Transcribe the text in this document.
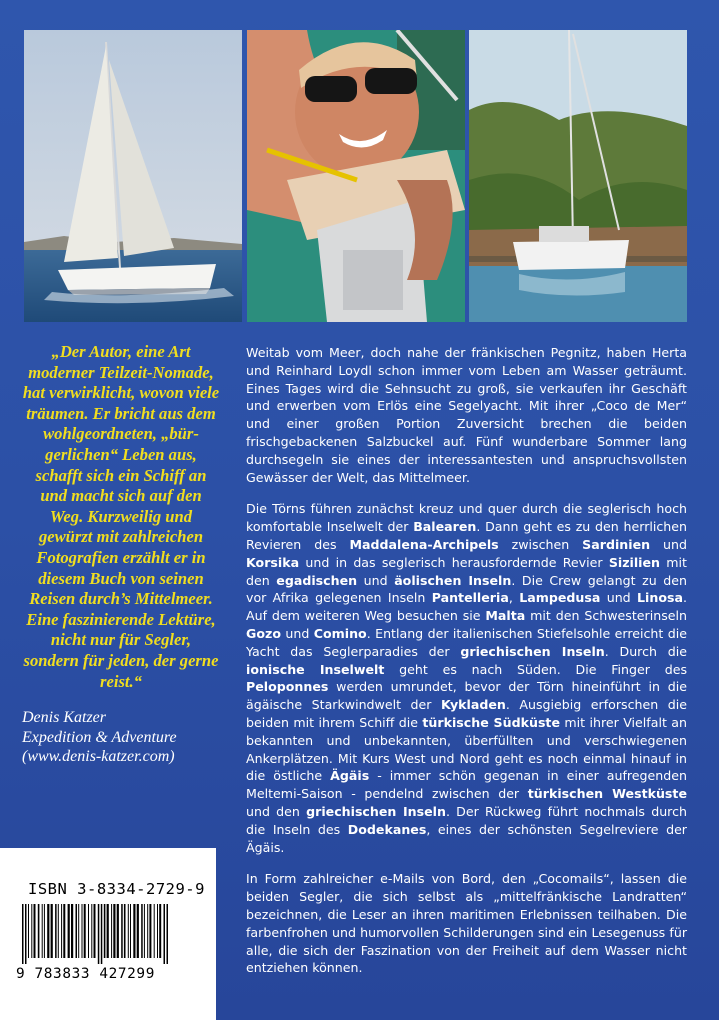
„Der Autor, eine Art moderner Teilzeit-Nomade, hat verwirklicht, wovon viele träumen. Er bricht aus dem wohlgeordneten, „bürgerlichen“ Leben aus, schafft sich ein Schiff an und macht sich auf den Weg. Kurzweilig und gewürzt mit zahlreichen Fotografien erzählt er in diesem Buch von seinen Reisen durch’s Mittelmeer. Eine faszinierende Lektüre, nicht nur für Segler, sondern für jeden, der gerne reist.“
Denis Katzer
Expedition & Adventure
(www.denis-katzer.com)

Weitab vom Meer, doch nahe der fränkischen Pegnitz, haben Herta und Reinhard Loydl schon immer vom Leben am Wasser geträumt. Eines Tages wird die Sehnsucht zu groß, sie verkaufen ihr Geschäft und erwerben vom Erlös eine Segelyacht. Mit ihrer „Coco de Mer“ und einer großen Portion Zuversicht brechen die beiden frischgebackenen Salzbuckel auf. Fünf wunderbare Sommer lang durchsegeln sie eines der interessantesten und anspruchsvollsten Gewässer der Welt, das Mittelmeer.

Die Törns führen zunächst kreuz und quer durch die seglerisch hoch komfortable Inselwelt der Balearen. Dann geht es zu den herrlichen Revieren des Maddalena-Archipels zwischen Sardinien und Korsika und in das seglerisch herausfordernde Revier Sizilien mit den egadischen und äolischen Inseln. Die Crew gelangt zu den vor Afrika gelegenen Inseln Pantelleria, Lampedusa und Linosa. Auf dem weiteren Weg besuchen sie Malta mit den Schwesterinseln Gozo und Comino. Entlang der italienischen Stiefelsohle erreicht die Yacht das Seglerparadies der griechischen Inseln. Durch die ionische Inselwelt geht es nach Süden. Die Finger des Peloponnes werden umrundet, bevor der Törn hineinführt in die ägäische Starkwindwelt der Kykladen. Ausgiebig erforschen die beiden mit ihrem Schiff die türkische Südküste mit ihrer Vielfalt an bekannten und unbekannten, überfüllten und verschwiegenen Ankerplätzen. Mit Kurs West und Nord geht es noch einmal hinauf in die östliche Ägäis - immer schön gegenan in einer aufregenden Meltemi-Saison - pendelnd zwischen der türkischen Westküste und den griechischen Inseln. Der Rückweg führt nochmals durch die Inseln des Dodekanes, eines der schönsten Segelreviere der Ägäis.

In Form zahlreicher e-Mails von Bord, den „Cocomails“, lassen die beiden Segler, die sich selbst als „mittelfränkische Landratten“ bezeichnen, die Leser an ihren maritimen Erlebnissen teilhaben. Die farbenfrohen und humorvollen Schilderungen sind ein Lesegenuss für alle, die sich der Faszination von der Freiheit auf dem Wasser nicht entziehen können.

ISBN 3-8334-2729-9
9 783833 427299
